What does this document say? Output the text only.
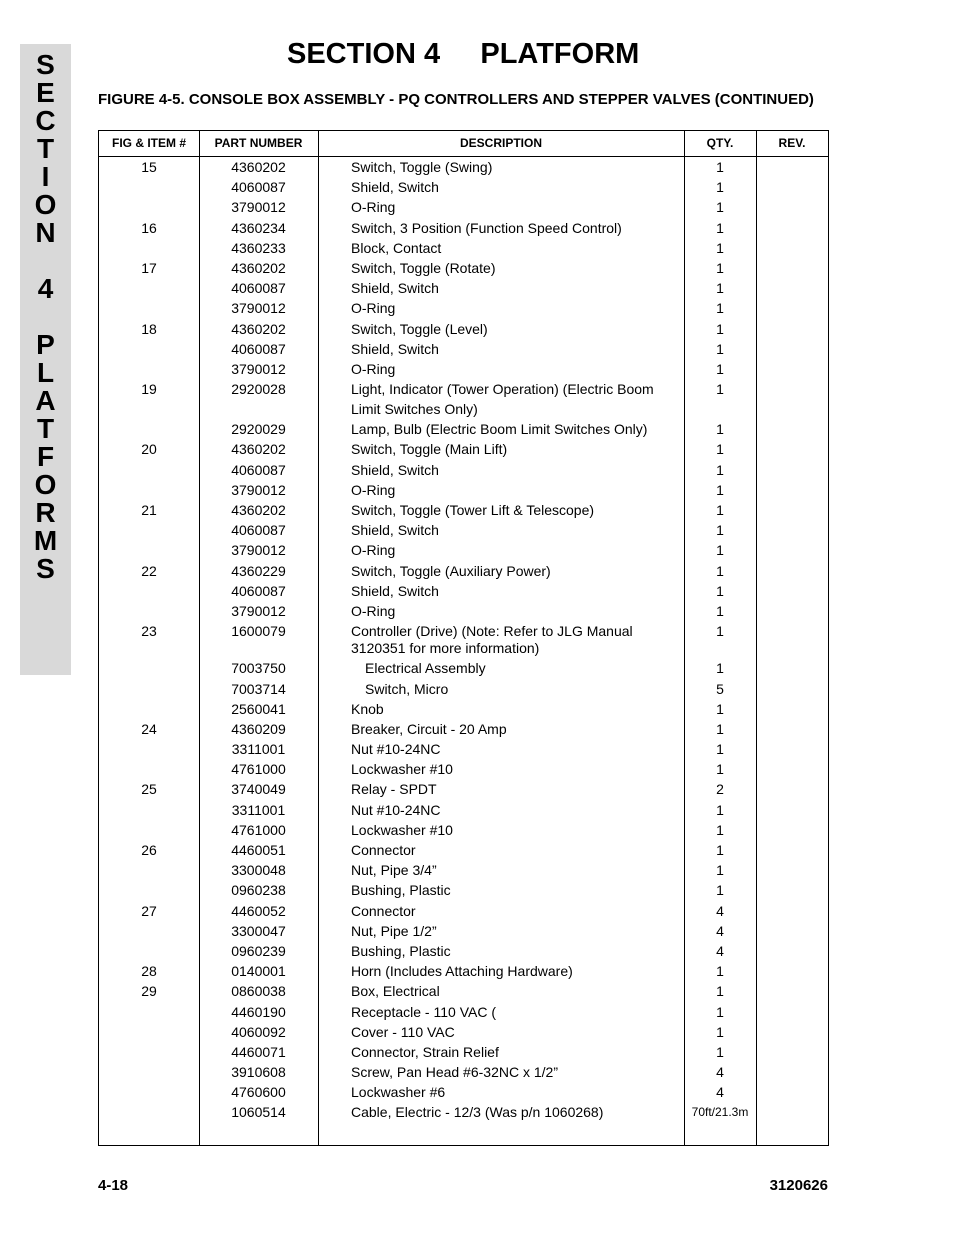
S
E
C
T
I
O
N
4
P
L
A
T
F
O
R
M
S
SECTION 4     PLATFORM
FIGURE 4-5. CONSOLE BOX ASSEMBLY - PQ CONTROLLERS AND STEPPER VALVES (CONTINUED)
FIG & ITEM #	PART NUMBER	DESCRIPTION	QTY.	REV.
15	4360202	Switch, Toggle (Swing)	1
4060087	Shield, Switch	1
3790012	O-Ring	1
16	4360234	Switch, 3 Position (Function Speed Control)	1
4360233	Block, Contact	1
17	4360202	Switch, Toggle (Rotate)	1
4060087	Shield, Switch	1
3790012	O-Ring	1
18	4360202	Switch, Toggle (Level)	1
4060087	Shield, Switch	1
3790012	O-Ring	1
19	2920028	Light, Indicator (Tower Operation) (Electric Boom	1
Limit Switches Only)
2920029	Lamp, Bulb (Electric Boom Limit Switches Only)	1
20	4360202	Switch, Toggle (Main Lift)	1
4060087	Shield, Switch	1
3790012	O-Ring	1
21	4360202	Switch, Toggle (Tower Lift & Telescope)	1
4060087	Shield, Switch	1
3790012	O-Ring	1
22	4360229	Switch, Toggle (Auxiliary Power)	1
4060087	Shield, Switch	1
3790012	O-Ring	1
23	1600079	Controller (Drive) (Note: Refer to JLG Manual	1
3120351 for more information)
7003750	Electrical Assembly	1
7003714	Switch, Micro	5
2560041	Knob	1
24	4360209	Breaker, Circuit - 20 Amp	1
3311001	Nut #10-24NC	1
4761000	Lockwasher #10	1
25	3740049	Relay - SPDT	2
3311001	Nut #10-24NC	1
4761000	Lockwasher #10	1
26	4460051	Connector	1
3300048	Nut, Pipe 3/4”	1
0960238	Bushing, Plastic	1
27	4460052	Connector	4
3300047	Nut, Pipe 1/2”	4
0960239	Bushing, Plastic	4
28	0140001	Horn (Includes Attaching Hardware)	1
29	0860038	Box, Electrical	1
4460190	Receptacle - 110 VAC (	1
4060092	Cover - 110 VAC	1
4460071	Connector, Strain Relief	1
3910608	Screw, Pan Head #6-32NC x 1/2”	4
4760600	Lockwasher #6	4
1060514	Cable, Electric - 12/3 (Was p/n 1060268)	70ft/21.3m
4-18	3120626
